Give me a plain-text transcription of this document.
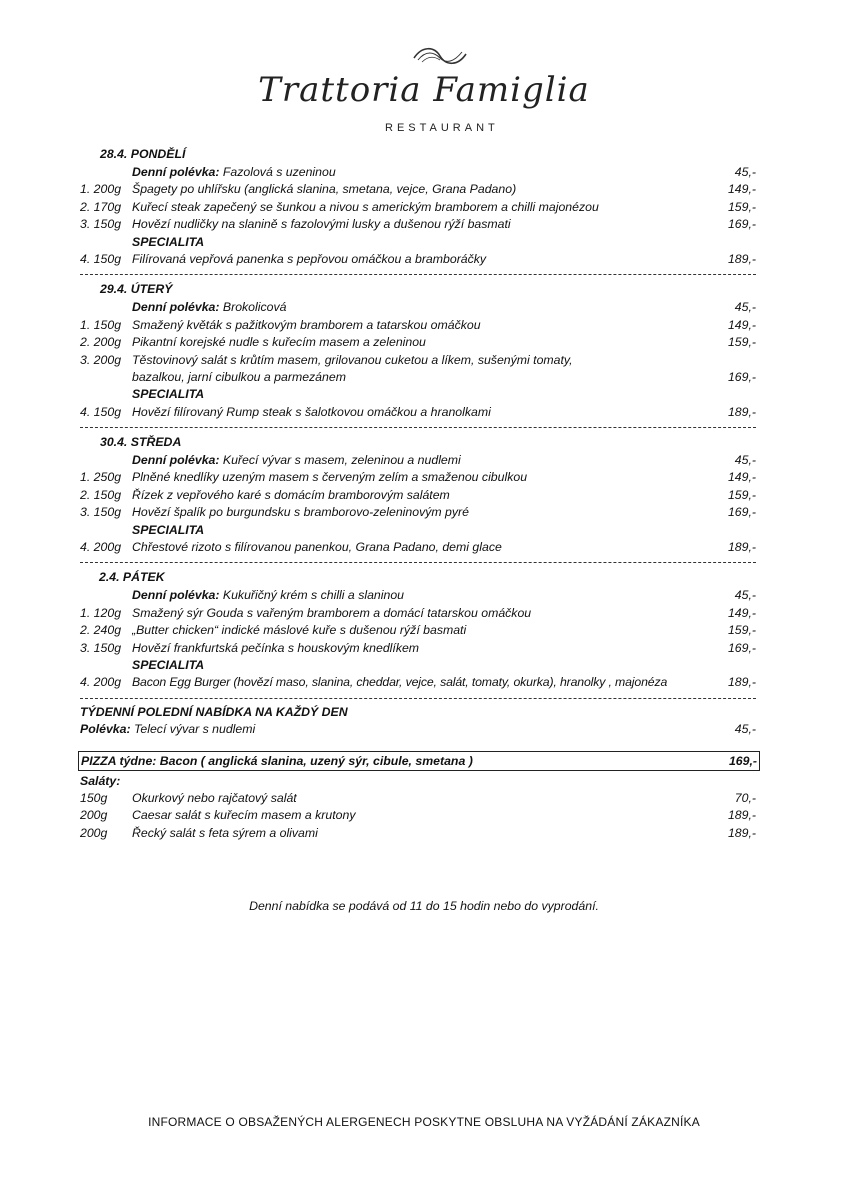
Trattoria Famiglia
RESTAURANT
28.4. PONDĚLÍ
Denní polévka: Fazolová s uzeninou	45,-
1. 200g Špagety po uhlířsku (anglická slanina, smetana, vejce, Grana Padano)	149,-
2. 170g Kuřecí steak zapečený se šunkou a nivou s americkým bramborem a chilli majonézou	159,-
3. 150g Hovězí nudličky na slanině s fazolovými lusky a dušenou rýží basmati	169,-
SPECIALITA
4. 150g Filírovaná vepřová panenka s pepřovou omáčkou a bramboráčky	189,-
29.4. ÚTERÝ
Denní polévka: Brokolicová	45,-
1. 150g Smažený květák s pažitkovým bramborem a tatarskou omáčkou	149,-
2. 200g Pikantní korejské nudle s kuřecím masem a zeleninou	159,-
3. 200g Těstovinový salát s krůtím masem, grilovanou cuketou a líkem, sušenými tomaty,
bazalkou, jarní cibulkou a parmezánem	169,-
SPECIALITA
4. 150g Hovězí filírovaný Rump steak s šalotkovou omáčkou a hranolkami	189,-
30.4. STŘEDA
Denní polévka: Kuřecí vývar s masem, zeleninou a nudlemi	45,-
1. 250g Plněné knedlíky uzeným masem s červeným zelím a smaženou cibulkou	149,-
2. 150g Řízek z vepřového karé s domácím bramborovým salátem	159,-
3. 150g Hovězí špalík po burgundsku s bramborovo-zeleninovým pyré	169,-
SPECIALITA
4. 200g Chřestové rizoto s filírovanou panenkou, Grana Padano, demi glace	189,-
2.4. PÁTEK
Denní polévka: Kukuřičný krém s chilli a slaninou	45,-
1. 120g Smažený sýr Gouda s vařeným bramborem a domácí tatarskou omáčkou	149,-
2. 240g „Butter chicken“ indické máslové kuře s dušenou rýží basmati	159,-
3. 150g Hovězí frankfurtská pečínka s houskovým knedlíkem	169,-
SPECIALITA
4. 200g Bacon Egg Burger (hovězí maso, slanina, cheddar, vejce, salát, tomaty, okurka), hranolky , majonéza	189,-
TÝDENNÍ POLEDNÍ NABÍDKA NA KAŽDÝ DEN
Polévka: Telecí vývar s nudlemi	45,-
PIZZA týdne: Bacon ( anglická slanina, uzený sýr, cibule, smetana )	169,-
Saláty:
150g	Okurkový nebo rajčatový salát	70,-
200g	Caesar salát s kuřecím masem a krutony	189,-
200g	Řecký salát s feta sýrem a olivami	189,-
Denní nabídka se podává od 11 do 15 hodin nebo do vyprodání.
INFORMACE O OBSAŽENÝCH ALERGENECH POSKYTNE OBSLUHA NA VYŽÁDÁNÍ ZÁKAZNÍKA
